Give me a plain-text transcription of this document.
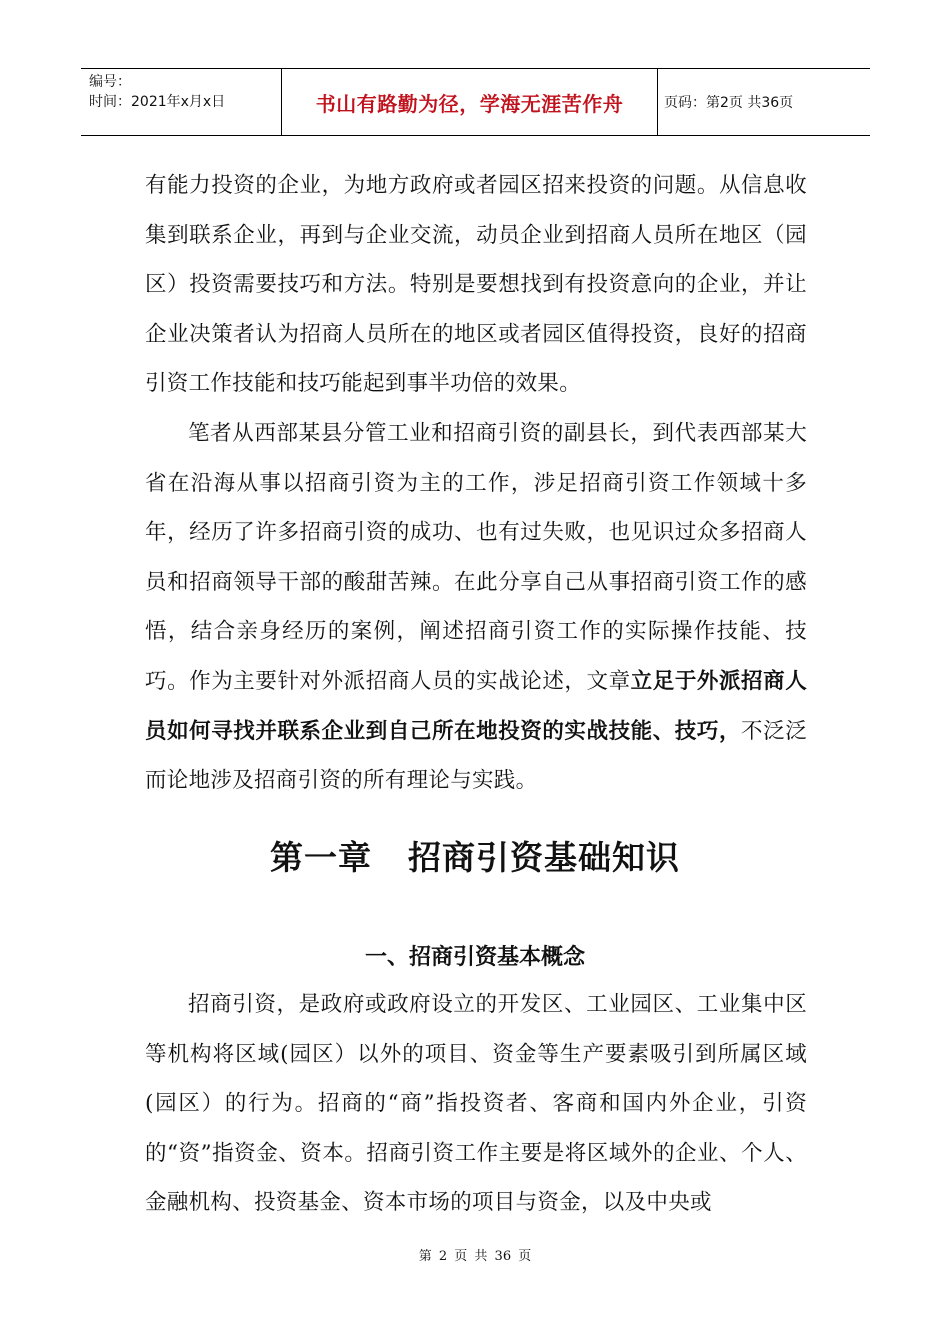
编号：
时间：2021年x月x日	书山有路勤为径，学海无涯苦作舟	页码：第2页 共36页

有能力投资的企业，为地方政府或者园区招来投资的问题。从信息收集到联系企业，再到与企业交流，动员企业到招商人员所在地区（园区）投资需要技巧和方法。特别是要想找到有投资意向的企业，并让企业决策者认为招商人员所在的地区或者园区值得投资，良好的招商引资工作技能和技巧能起到事半功倍的效果。

笔者从西部某县分管工业和招商引资的副县长，到代表西部某大省在沿海从事以招商引资为主的工作，涉足招商引资工作领域十多年，经历了许多招商引资的成功、也有过失败，也见识过众多招商人员和招商领导干部的酸甜苦辣。在此分享自己从事招商引资工作的感悟，结合亲身经历的案例，阐述招商引资工作的实际操作技能、技巧。作为主要针对外派招商人员的实战论述，文章立足于外派招商人员如何寻找并联系企业到自己所在地投资的实战技能、技巧，不泛泛而论地涉及招商引资的所有理论与实践。

第一章 招商引资基础知识
一、招商引资基本概念

招商引资，是政府或政府设立的开发区、工业园区、工业集中区等机构将区域(园区）以外的项目、资金等生产要素吸引到所属区域(园区）的行为。招商的“商”指投资者、客商和国内外企业，引资的“资”指资金、资本。招商引资工作主要是将区域外的企业、个人、金融机构、投资基金、资本市场的项目与资金，以及中央或

第 2 页 共 36 页
